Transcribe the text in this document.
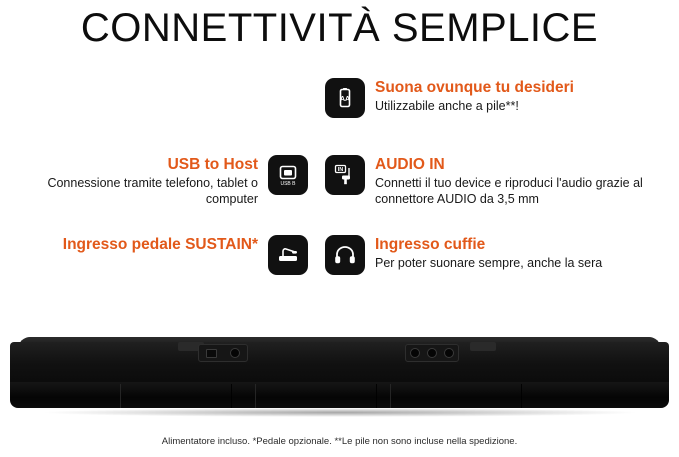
CONNETTIVITÀ SEMPLICE
AA

Suona ovunque tu desideri

Utilizzabile anche a pile**!

USB to Host

Connessione tramite telefono, tablet o computer

USB B
IN AUDIO IN

Connetti il tuo device e riproduci l'audio grazie al connettore AUDIO da 3,5 mm

Ingresso pedale SUSTAIN*	Ingresso cuffie

Per poter suonare sempre, anche la sera

Alimentatore incluso. *Pedale opzionale. **Le pile non sono incluse nella spedizione.
